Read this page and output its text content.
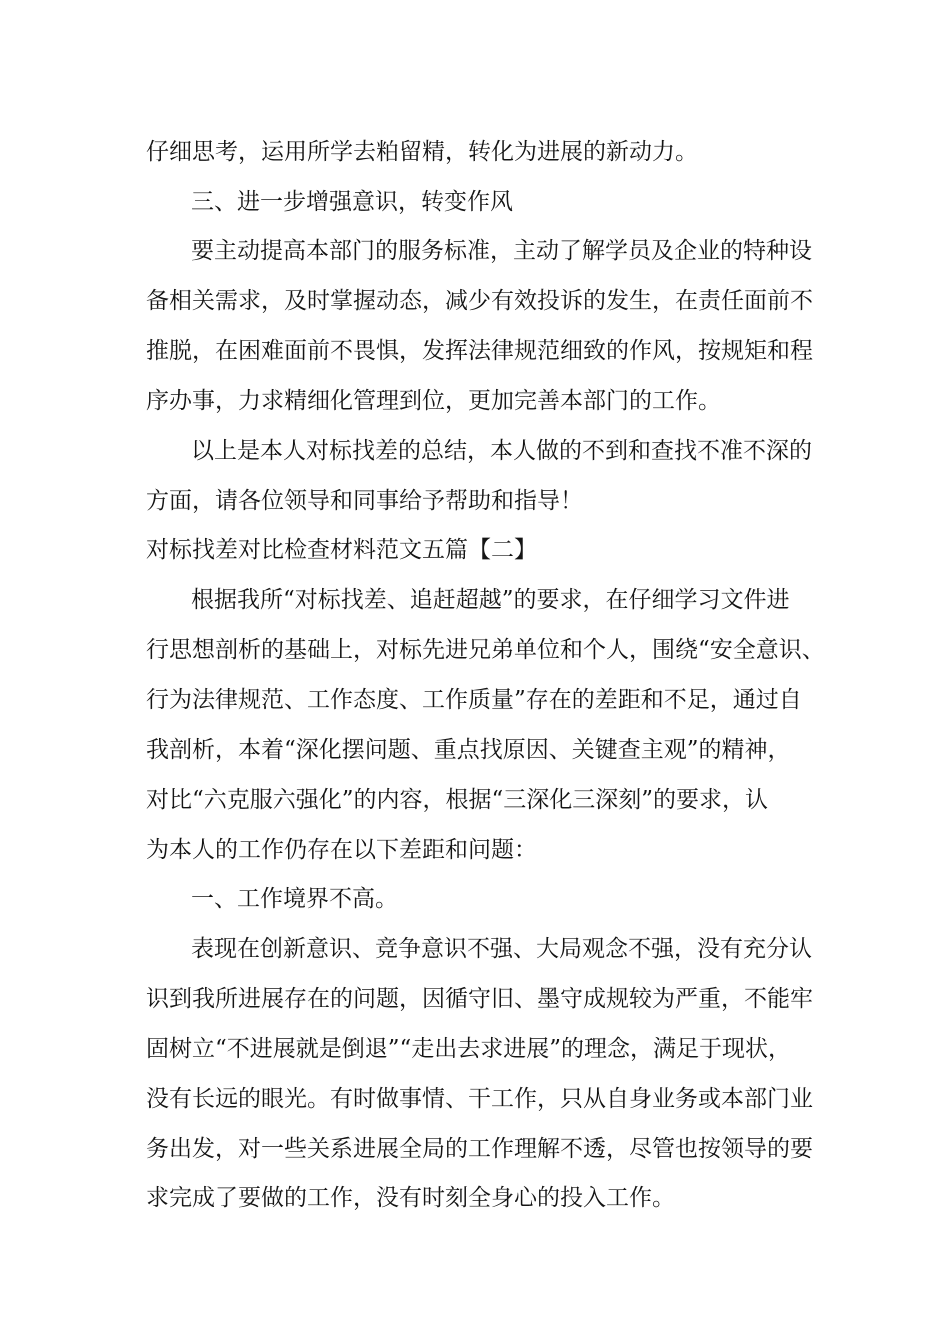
仔细思考，运用所学去粕留精，转化为进展的新动力。
三、进一步增强意识，转变作风
要主动提高本部门的服务标准，主动了解学员及企业的特种设
备相关需求，及时掌握动态，减少有效投诉的发生，在责任面前不
推脱，在困难面前不畏惧，发挥法律规范细致的作风，按规矩和程
序办事，力求精细化管理到位，更加完善本部门的工作。
以上是本人对标找差的总结，本人做的不到和查找不准不深的
方面，请各位领导和同事给予帮助和指导！
对标找差对比检查材料范文五篇【二】
根据我所“对标找差、追赶超越”的要求，在仔细学习文件进
行思想剖析的基础上，对标先进兄弟单位和个人，围绕“安全意识、
行为法律规范、工作态度、工作质量”存在的差距和不足，通过自
我剖析，本着“深化摆问题、重点找原因、关键查主观”的精神，
对比“六克服六强化”的内容，根据“三深化三深刻”的要求，认
为本人的工作仍存在以下差距和问题：
一、工作境界不高。
表现在创新意识、竞争意识不强、大局观念不强，没有充分认
识到我所进展存在的问题，因循守旧、墨守成规较为严重，不能牢
固树立“不进展就是倒退”“走出去求进展”的理念，满足于现状，
没有长远的眼光。有时做事情、干工作，只从自身业务或本部门业
务出发，对一些关系进展全局的工作理解不透，尽管也按领导的要
求完成了要做的工作，没有时刻全身心的投入工作。
